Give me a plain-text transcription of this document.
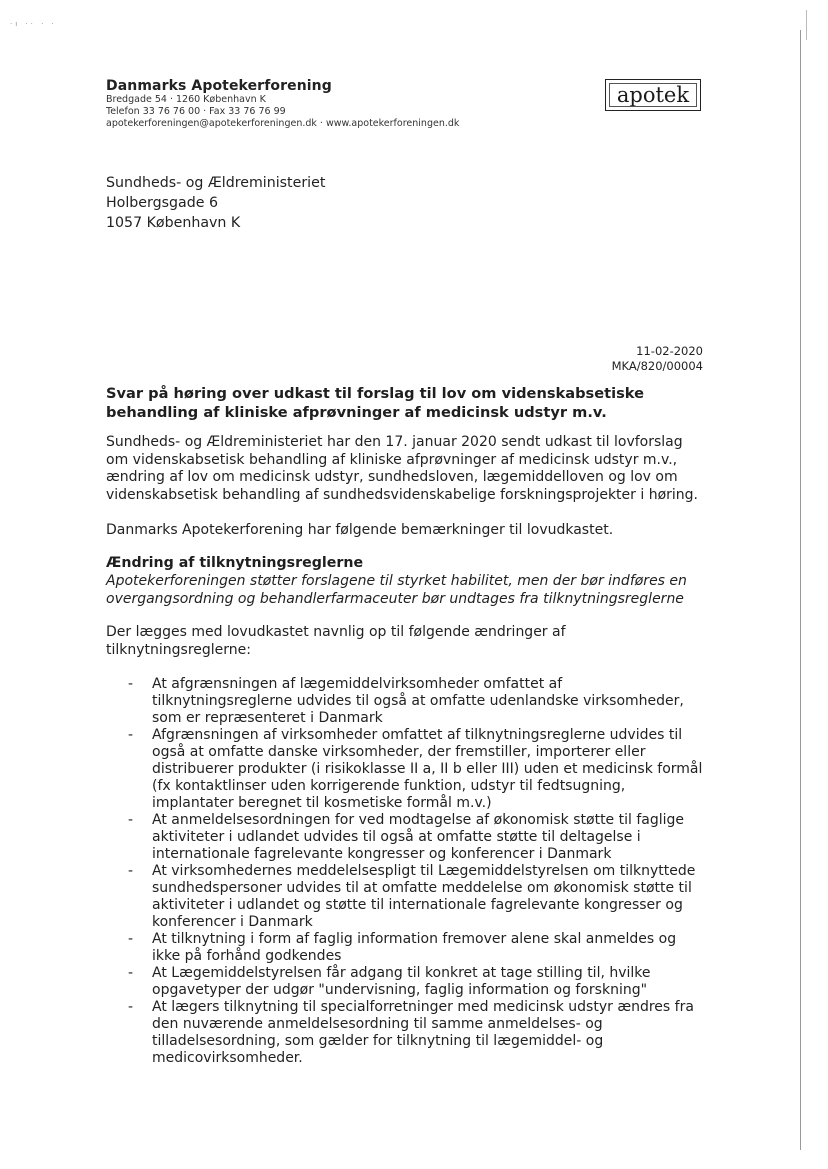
·ı ·· · ·
Danmarks Apotekerforening
Bredgade 54 · 1260 København K
Telefon 33 76 76 00 · Fax 33 76 76 99
apotekerforeningen@apotekerforeningen.dk · www.apotekerforeningen.dk
apotek
Sundheds- og Ældreministeriet
Holbergsgade 6
1057 København K
11-02-2020
MKA/820/00004
Svar på høring over udkast til forslag til lov om videnskabsetiske behandling af kliniske afprøvninger af medicinsk udstyr m.v.
Sundheds- og Ældreministeriet har den 17. januar 2020 sendt udkast til lovforslag om videnskabsetisk behandling af kliniske afprøvninger af medicinsk udstyr m.v., ændring af lov om medicinsk udstyr, sundhedsloven, lægemiddelloven og lov om videnskabsetisk behandling af sundhedsvidenskabelige forskningsprojekter i høring.
Danmarks Apotekerforening har følgende bemærkninger til lovudkastet.
Ændring af tilknytningsreglerne
Apotekerforeningen støtter forslagene til styrket habilitet, men der bør indføres en overgangsordning og behandlerfarmaceuter bør undtages fra tilknytningsreglerne
Der lægges med lovudkastet navnlig op til følgende ændringer af tilknytningsreglerne:
- At afgrænsningen af lægemiddelvirksomheder omfattet af tilknytningsreglerne udvides til også at omfatte udenlandske virksomheder, som er repræsenteret i Danmark
- Afgrænsningen af virksomheder omfattet af tilknytningsreglerne udvides til også at omfatte danske virksomheder, der fremstiller, importerer eller distribuerer produkter (i risikoklasse II a, II b eller III) uden et medicinsk formål (fx kontaktlinser uden korrigerende funktion, udstyr til fedtsugning, implantater beregnet til kosmetiske formål m.v.)
- At anmeldelsesordningen for ved modtagelse af økonomisk støtte til faglige aktiviteter i udlandet udvides til også at omfatte støtte til deltagelse i internationale fagrelevante kongresser og konferencer i Danmark
- At virksomhedernes meddelelsespligt til Lægemiddelstyrelsen om tilknyttede sundhedspersoner udvides til at omfatte meddelelse om økonomisk støtte til aktiviteter i udlandet og støtte til internationale fagrelevante kongresser og konferencer i Danmark
- At tilknytning i form af faglig information fremover alene skal anmeldes og ikke på forhånd godkendes
- At Lægemiddelstyrelsen får adgang til konkret at tage stilling til, hvilke opgavetyper der udgør "undervisning, faglig information og forskning"
- At lægers tilknytning til specialforretninger med medicinsk udstyr ændres fra den nuværende anmeldelsesordning til samme anmeldelses- og tilladelsesordning, som gælder for tilknytning til lægemiddel- og medicovirksomheder.
